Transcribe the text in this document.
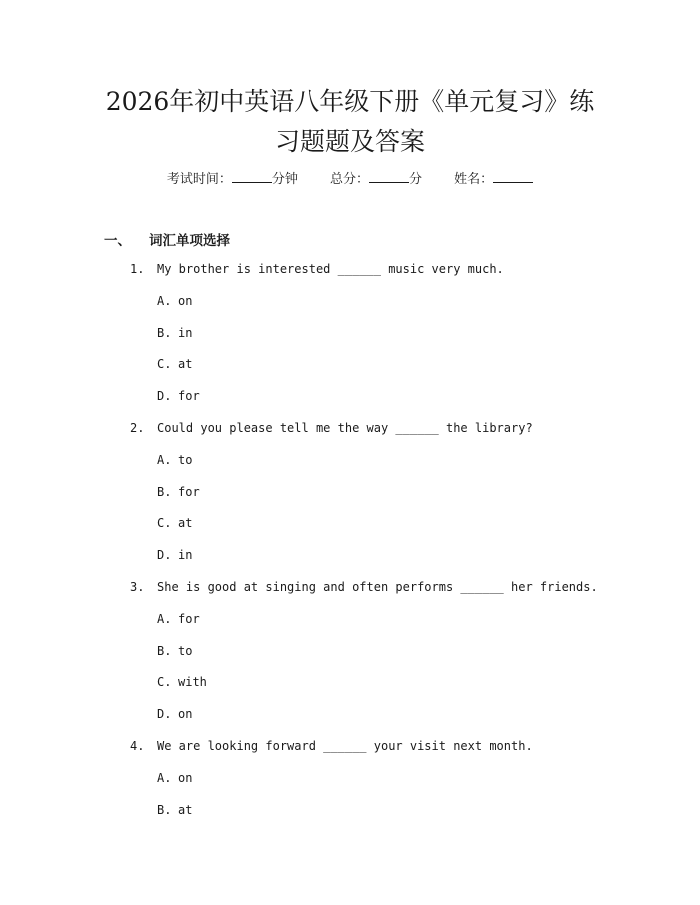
2026年初中英语八年级下册《单元复习》练
习题题及答案
考试时间：	分钟 总分：	分 姓名：
一、 词汇单项选择
1. My brother is interested ______ music very much.
A. on
B. in
C. at
D. for
2. Could you please tell me the way ______ the library?
A. to
B. for
C. at
D. in
3. She is good at singing and often performs ______ her friends.
A. for
B. to
C. with
D. on
4. We are looking forward ______ your visit next month.
A. on
B. at
